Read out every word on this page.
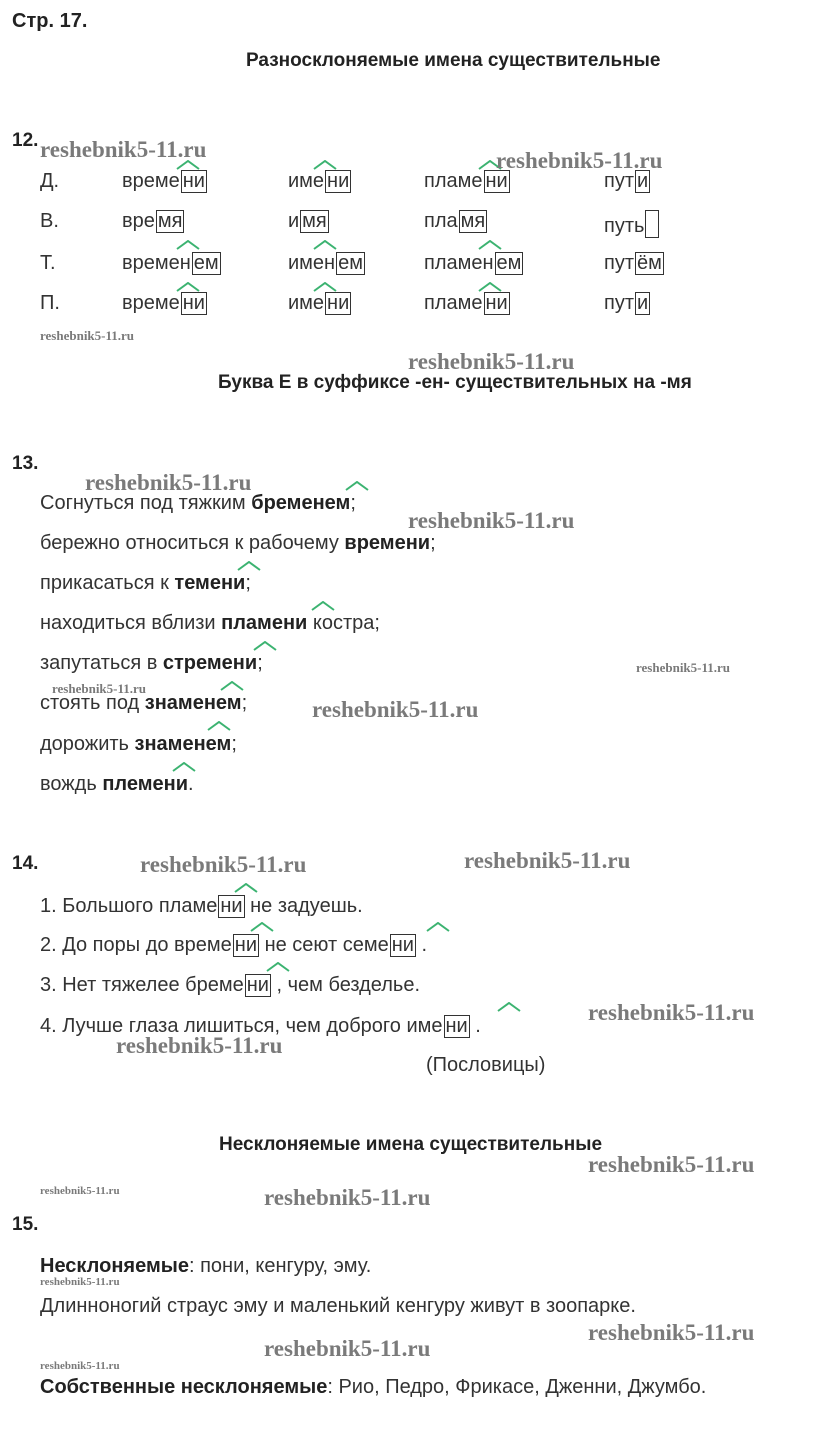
Стр. 17.
Разносклоняемые имена существительные
12.
Д.	време ни	име ни	пламе ни	пут и
В.	вре мя	и мя	пла мя	путь
Т.	времен ем	имен ем	пламен ем	пут ём
П.	време ни	име ни	пламе ни	пут и
Буква Е в суффиксе -ен- существительных на -мя
13.
Согнуться под тяжким бременем;
бережно относиться к рабочему времени;
прикасаться к темени;
находиться вблизи пламени костра;
запутаться в стремени;
стоять под знаменем;
дорожить знаменем;
вождь племени.
14.
1. Большого пламе ни не задуешь.
2. До поры до време ни не сеют семе ни .
3. Нет тяжелее бреме ни , чем безделье.
4. Лучше глаза лишиться, чем доброго име ни .
(Пословицы)
Несклоняемые имена существительные
15.
Несклоняемые: пони, кенгуру, эму.
Длинноногий страус эму и маленький кенгуру живут в зоопарке.
Собственные несклоняемые: Рио, Педро, Фрикасе, Дженни, Джумбо.
reshebnik5-11.ru	reshebnik5-11.ru
reshebnik5-11.ru
reshebnik5-11.ru
reshebnik5-11.ru
reshebnik5-11.ru
reshebnik5-11.ru
reshebnik5-11.ru
reshebnik5-11.ru
reshebnik5-11.ru	reshebnik5-11.ru
reshebnik5-11.ru
reshebnik5-11.ru
reshebnik5-11.ru
reshebnik5-11.ru	reshebnik5-11.ru
reshebnik5-11.ru
reshebnik5-11.ru
reshebnik5-11.ru
reshebnik5-11.ru
